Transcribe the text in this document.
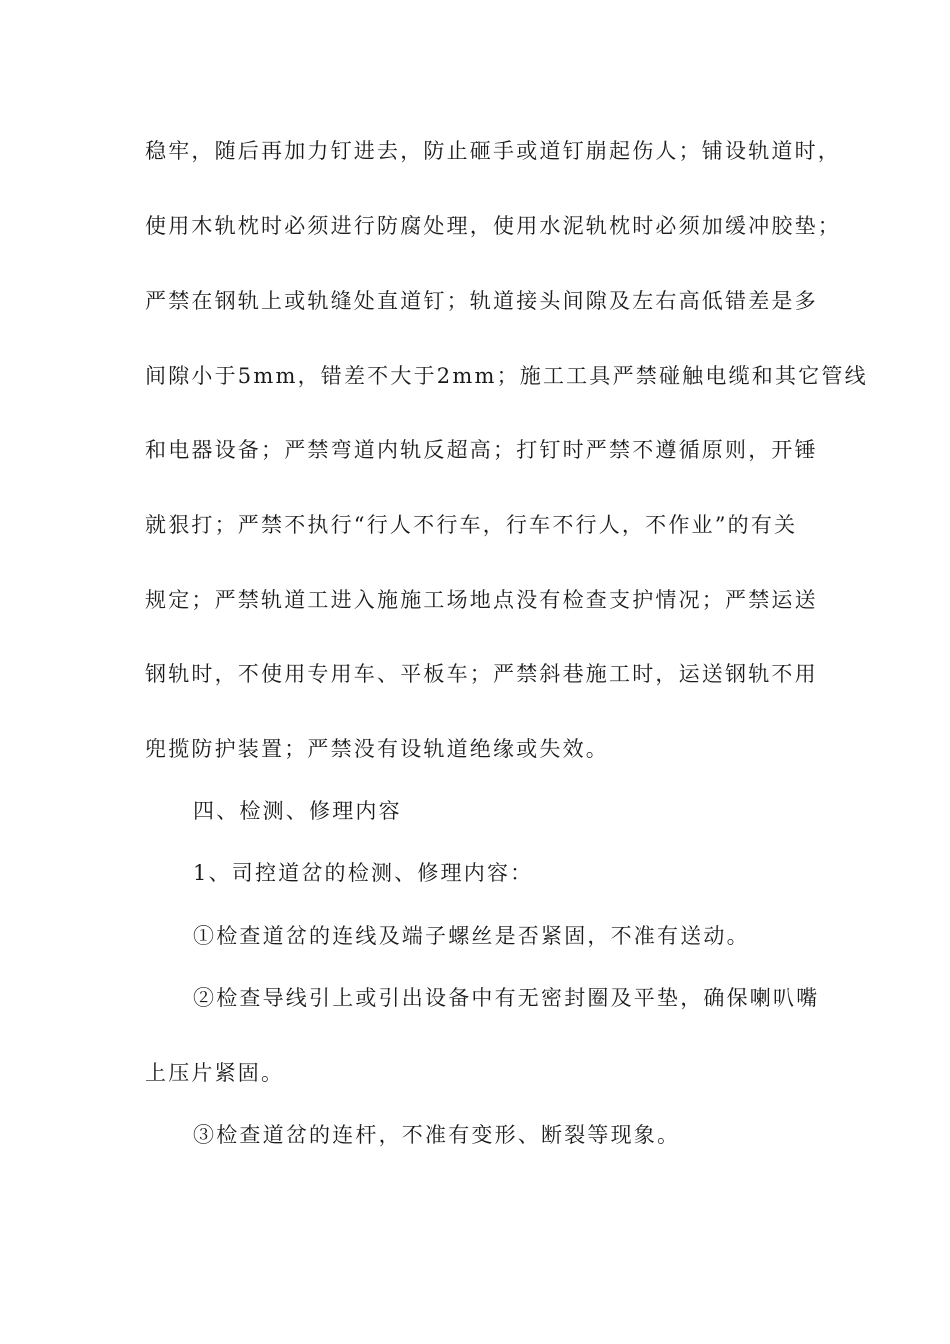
稳牢，随后再加力钉进去，防止砸手或道钉崩起伤人；铺设轨道时，
使用木轨枕时必须进行防腐处理，使用水泥轨枕时必须加缓冲胶垫；
严禁在钢轨上或轨缝处直道钉；轨道接头间隙及左右高低错差是多
间隙小于5mm，错差不大于2mm；施工工具严禁碰触电缆和其它管线
和电器设备；严禁弯道内轨反超高；打钉时严禁不遵循原则，开锤
就狠打；严禁不执行“行人不行车，行车不行人，不作业”的有关
规定；严禁轨道工进入施施工场地点没有检查支护情况；严禁运送
钢轨时，不使用专用车、平板车；严禁斜巷施工时，运送钢轨不用
兜揽防护装置；严禁没有设轨道绝缘或失效。
四、检测、修理内容
1、司控道岔的检测、修理内容：
①检查道岔的连线及端子螺丝是否紧固，不准有送动。
②检查导线引上或引出设备中有无密封圈及平垫，确保喇叭嘴
上压片紧固。
③检查道岔的连杆，不准有变形、断裂等现象。
